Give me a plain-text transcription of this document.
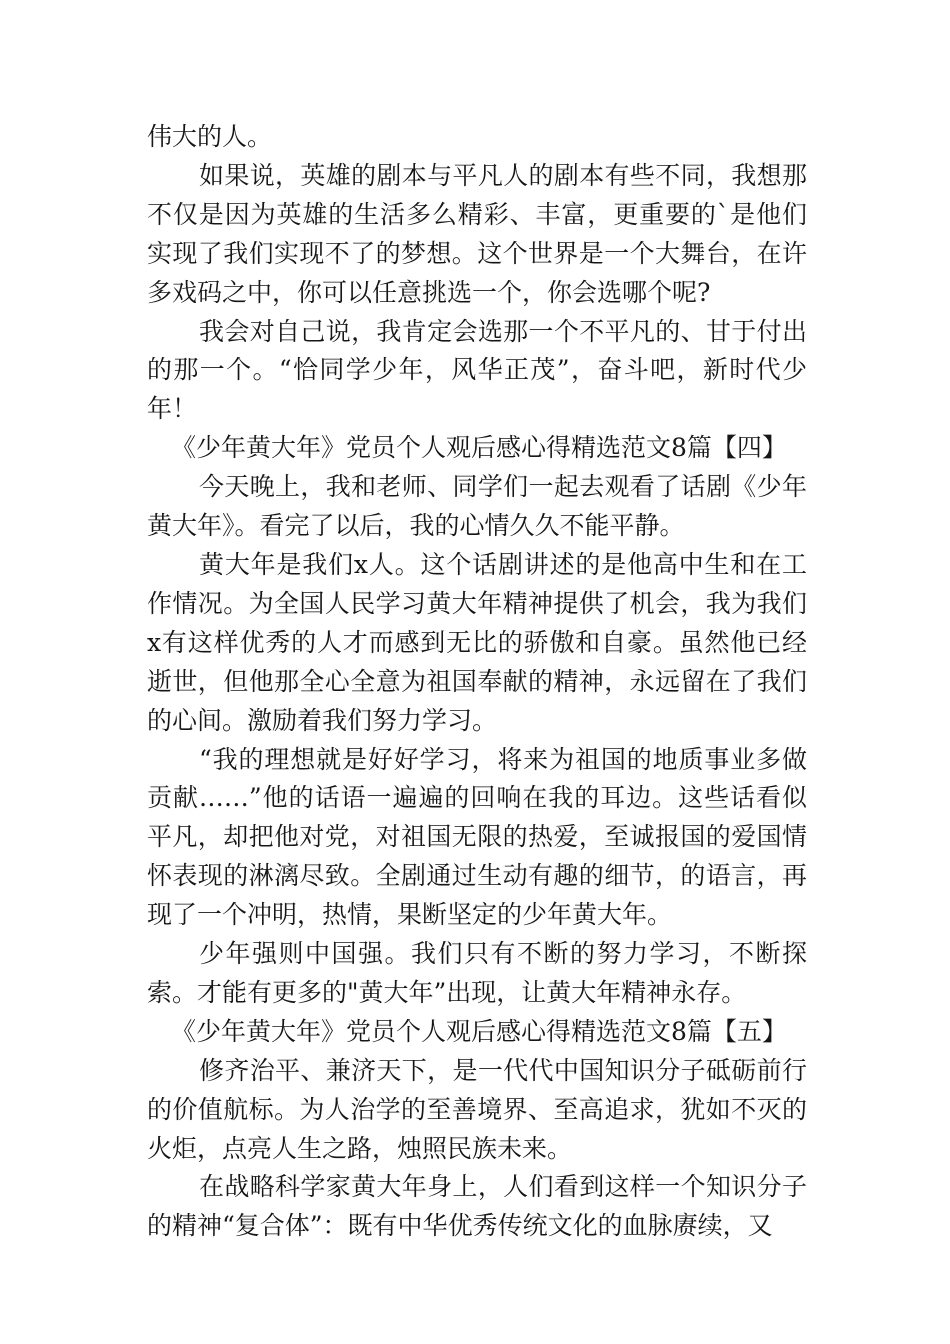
伟大的人。

如果说，英雄的剧本与平凡人的剧本有些不同，我想那不仅是因为英雄的生活多么精彩、丰富，更重要的`是他们实现了我们实现不了的梦想。这个世界是一个大舞台，在许多戏码之中，你可以任意挑选一个，你会选哪个呢?

我会对自己说，我肯定会选那一个不平凡的、甘于付出的那一个。“恰同学少年，风华正茂”，奋斗吧，新时代少年！

《少年黄大年》党员个人观后感心得精选范文8篇【四】

今天晚上，我和老师、同学们一起去观看了话剧《少年黄大年》。看完了以后，我的心情久久不能平静。

黄大年是我们x人。这个话剧讲述的是他高中生和在工作情况。为全国人民学习黄大年精神提供了机会，我为我们x有这样优秀的人才而感到无比的骄傲和自豪。虽然他已经逝世，但他那全心全意为祖国奉献的精神，永远留在了我们的心间。激励着我们努力学习。

“我的理想就是好好学习，将来为祖国的地质事业多做贡献……”他的话语一遍遍的回响在我的耳边。这些话看似平凡，却把他对党，对祖国无限的热爱，至诚报国的爱国情怀表现的淋漓尽致。全剧通过生动有趣的细节，的语言，再现了一个冲明，热情，果断坚定的少年黄大年。

少年强则中国强。我们只有不断的努力学习，不断探索。才能有更多的"黄大年”出现，让黄大年精神永存。

《少年黄大年》党员个人观后感心得精选范文8篇【五】

修齐治平、兼济天下，是一代代中国知识分子砥砺前行的价值航标。为人治学的至善境界、至高追求，犹如不灭的火炬，点亮人生之路，烛照民族未来。

在战略科学家黄大年身上，人们看到这样一个知识分子的精神“复合体”：既有中华优秀传统文化的血脉赓续，又
